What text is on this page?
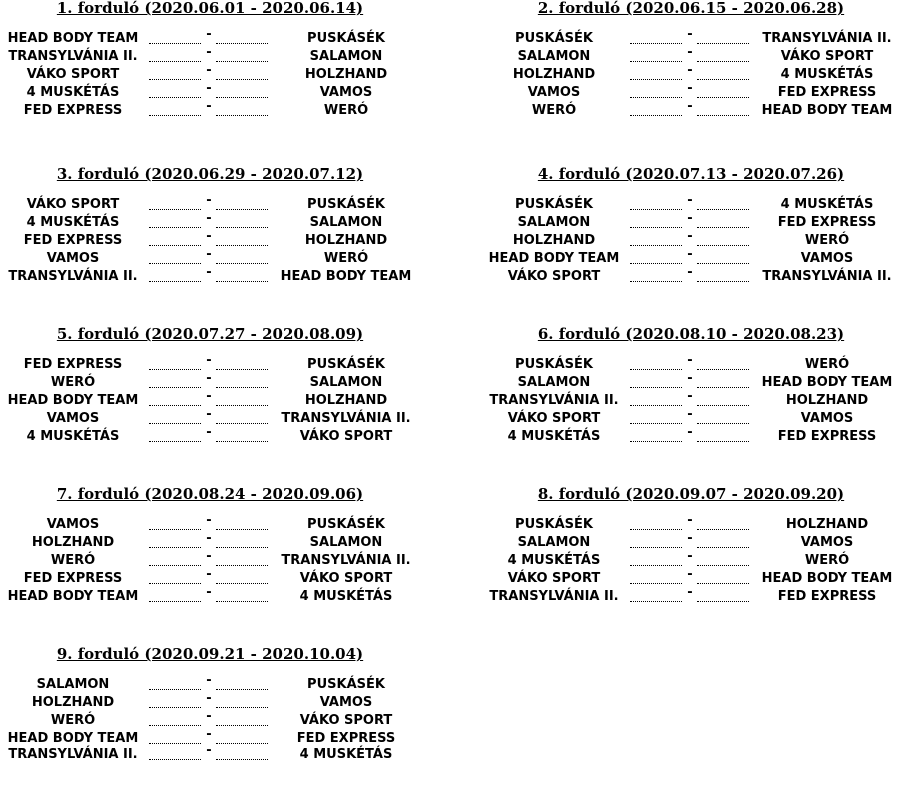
1. forduló (2020.06.01 - 2020.06.14)
HEAD BODY TEAM	-	PUSKÁSÉK
TRANSYLVÁNIA II.	-	SALAMON
VÁKO SPORT	-	HOLZHAND
4 MUSKÉTÁS	-	VAMOS
FED EXPRESS	-	WERÓ
2. forduló (2020.06.15 - 2020.06.28)
PUSKÁSÉK	-	TRANSYLVÁNIA II.
SALAMON	-	VÁKO SPORT
HOLZHAND	-	4 MUSKÉTÁS
VAMOS	-	FED EXPRESS
WERÓ	-	HEAD BODY TEAM
3. forduló (2020.06.29 - 2020.07.12)
VÁKO SPORT	-	PUSKÁSÉK
4 MUSKÉTÁS	-	SALAMON
FED EXPRESS	-	HOLZHAND
VAMOS	-	WERÓ
TRANSYLVÁNIA II.	-	HEAD BODY TEAM
4. forduló (2020.07.13 - 2020.07.26)
PUSKÁSÉK	-	4 MUSKÉTÁS
SALAMON	-	FED EXPRESS
HOLZHAND	-	WERÓ
HEAD BODY TEAM	-	VAMOS
VÁKO SPORT	-	TRANSYLVÁNIA II.
5. forduló (2020.07.27 - 2020.08.09)
FED EXPRESS	-	PUSKÁSÉK
WERÓ	-	SALAMON
HEAD BODY TEAM	-	HOLZHAND
VAMOS	-	TRANSYLVÁNIA II.
4 MUSKÉTÁS	-	VÁKO SPORT
6. forduló (2020.08.10 - 2020.08.23)
PUSKÁSÉK	-	WERÓ
SALAMON	-	HEAD BODY TEAM
TRANSYLVÁNIA II.	-	HOLZHAND
VÁKO SPORT	-	VAMOS
4 MUSKÉTÁS	-	FED EXPRESS
7. forduló (2020.08.24 - 2020.09.06)
VAMOS	-	PUSKÁSÉK
HOLZHAND	-	SALAMON
WERÓ	-	TRANSYLVÁNIA II.
FED EXPRESS	-	VÁKO SPORT
HEAD BODY TEAM	-	4 MUSKÉTÁS
8. forduló (2020.09.07 - 2020.09.20)
PUSKÁSÉK	-	HOLZHAND
SALAMON	-	VAMOS
4 MUSKÉTÁS	-	WERÓ
VÁKO SPORT	-	HEAD BODY TEAM
TRANSYLVÁNIA II.	-	FED EXPRESS
9. forduló (2020.09.21 - 2020.10.04)
SALAMON	-	PUSKÁSÉK
HOLZHAND	-	VAMOS
WERÓ	-	VÁKO SPORT
HEAD BODY TEAM	-	FED EXPRESS
TRANSYLVÁNIA II.	-	4 MUSKÉTÁS
